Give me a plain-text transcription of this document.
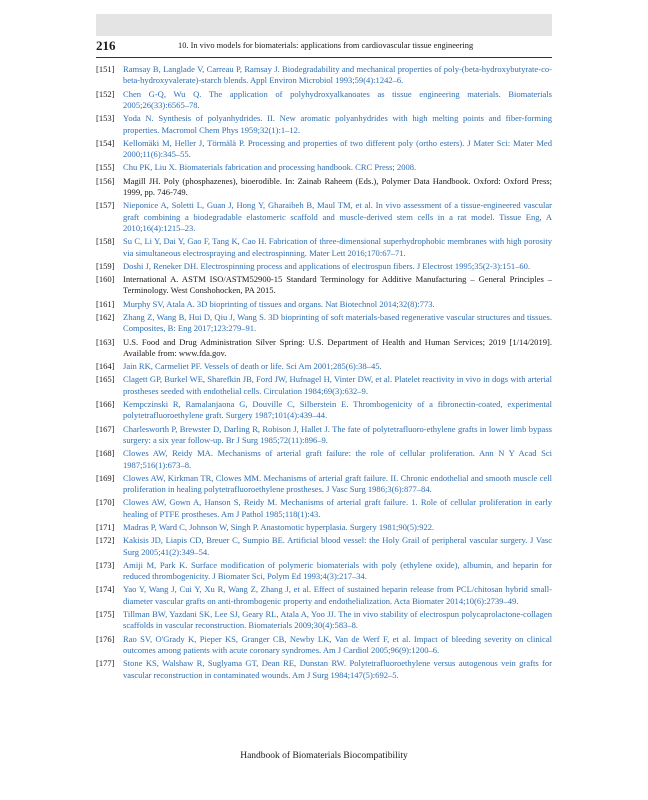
216	10. In vivo models for biomaterials: applications from cardiovascular tissue engineering
[151] Ramsay B, Langlade V, Carreau P, Ramsay J. Biodegradability and mechanical properties of poly-(beta-hydroxybutyrate-co-beta-hydroxyvalerate)-starch blends. Appl Environ Microbiol 1993;59(4):1242–6.
[152] Chen G-Q, Wu Q. The application of polyhydroxyalkanoates as tissue engineering materials. Biomaterials 2005;26(33):6565–78.
[153] Yoda N. Synthesis of polyanhydrides. II. New aromatic polyanhydrides with high melting points and fiber-forming properties. Macromol Chem Phys 1959;32(1):1–12.
[154] Kellomäki M, Heller J, Törmälä P. Processing and properties of two different poly (ortho esters). J Mater Sci: Mater Med 2000;11(6):345–55.
[155] Chu PK, Liu X. Biomaterials fabrication and processing handbook. CRC Press; 2008.
[156] Magill JH. Poly (phosphazenes), bioerodible. In: Zainab Raheem (Eds.), Polymer Data Handbook. Oxford: Oxford Press; 1999, pp. 746-749.
[157] Nieponice A, Soletti L, Guan J, Hong Y, Gharaibeh B, Maul TM, et al. In vivo assessment of a tissue-engineered vascular graft combining a biodegradable elastomeric scaffold and muscle-derived stem cells in a rat model. Tissue Eng, A 2010;16(4):1215–23.
[158] Su C, Li Y, Dai Y, Gao F, Tang K, Cao H. Fabrication of three-dimensional superhydrophobic membranes with high porosity via simultaneous electrospraying and electrospinning. Mater Lett 2016;170:67–71.
[159] Doshi J, Reneker DH. Electrospinning process and applications of electrospun fibers. J Electrost 1995;35(2-3):151–60.
[160] International A. ASTM ISO/ASTM52900-15 Standard Terminology for Additive Manufacturing – General Principles – Terminology. West Conshohocken, PA 2015.
[161] Murphy SV, Atala A. 3D bioprinting of tissues and organs. Nat Biotechnol 2014;32(8):773.
[162] Zhang Z, Wang B, Hui D, Qiu J, Wang S. 3D bioprinting of soft materials-based regenerative vascular structures and tissues. Composites, B: Eng 2017;123:279–91.
[163] U.S. Food and Drug Administration Silver Spring: U.S. Department of Health and Human Services; 2019 [1/14/2019]. Available from: www.fda.gov.
[164] Jain RK, Carmeliet PF. Vessels of death or life. Sci Am 2001;285(6):38–45.
[165] Clagett GP, Burkel WE, Sharefkin JB, Ford JW, Hufnagel H, Vinter DW, et al. Platelet reactivity in vivo in dogs with arterial prostheses seeded with endothelial cells. Circulation 1984;69(3):632–9.
[166] Kempczinski R, Ramalanjaona G, Douville C, Silberstein E. Thrombogenicity of a fibronectin-coated, experimental polytetrafluoroethylene graft. Surgery 1987;101(4):439–44.
[167] Charlesworth P, Brewster D, Darling R, Robison J, Hallet J. The fate of polytetrafluoro-ethylene grafts in lower limb bypass surgery: a six year follow-up. Br J Surg 1985;72(11):896–9.
[168] Clowes AW, Reidy MA. Mechanisms of arterial graft failure: the role of cellular proliferation. Ann N Y Acad Sci 1987;516(1):673–8.
[169] Clowes AW, Kirkman TR, Clowes MM. Mechanisms of arterial graft failure. II. Chronic endothelial and smooth muscle cell proliferation in healing polytetrafluoroethylene prostheses. J Vasc Surg 1986;3(6):877–84.
[170] Clowes AW, Gown A, Hanson S, Reidy M. Mechanisms of arterial graft failure. 1. Role of cellular proliferation in early healing of PTFE prostheses. Am J Pathol 1985;118(1):43.
[171] Madras P, Ward C, Johnson W, Singh P. Anastomotic hyperplasia. Surgery 1981;90(5):922.
[172] Kakisis JD, Liapis CD, Breuer C, Sumpio BE. Artificial blood vessel: the Holy Grail of peripheral vascular surgery. J Vasc Surg 2005;41(2):349–54.
[173] Amiji M, Park K. Surface modification of polymeric biomaterials with poly (ethylene oxide), albumin, and heparin for reduced thrombogenicity. J Biomater Sci, Polym Ed 1993;4(3):217–34.
[174] Yao Y, Wang J, Cui Y, Xu R, Wang Z, Zhang J, et al. Effect of sustained heparin release from PCL/chitosan hybrid small-diameter vascular grafts on anti-thrombogenic property and endothelialization. Acta Biomater 2014;10(6):2739–49.
[175] Tillman BW, Yazdani SK, Lee SJ, Geary RL, Atala A, Yoo JJ. The in vivo stability of electrospun polycaprolactone-collagen scaffolds in vascular reconstruction. Biomaterials 2009;30(4):583–8.
[176] Rao SV, O'Grady K, Pieper KS, Granger CB, Newby LK, Van de Werf F, et al. Impact of bleeding severity on clinical outcomes among patients with acute coronary syndromes. Am J Cardiol 2005;96(9):1200–6.
[177] Stone KS, Walshaw R, Suglyama GT, Dean RE, Dunstan RW. Polytetrafluoroethylene versus autogenous vein grafts for vascular reconstruction in contaminated wounds. Am J Surg 1984;147(5):692–5.
Handbook of Biomaterials Biocompatibility
